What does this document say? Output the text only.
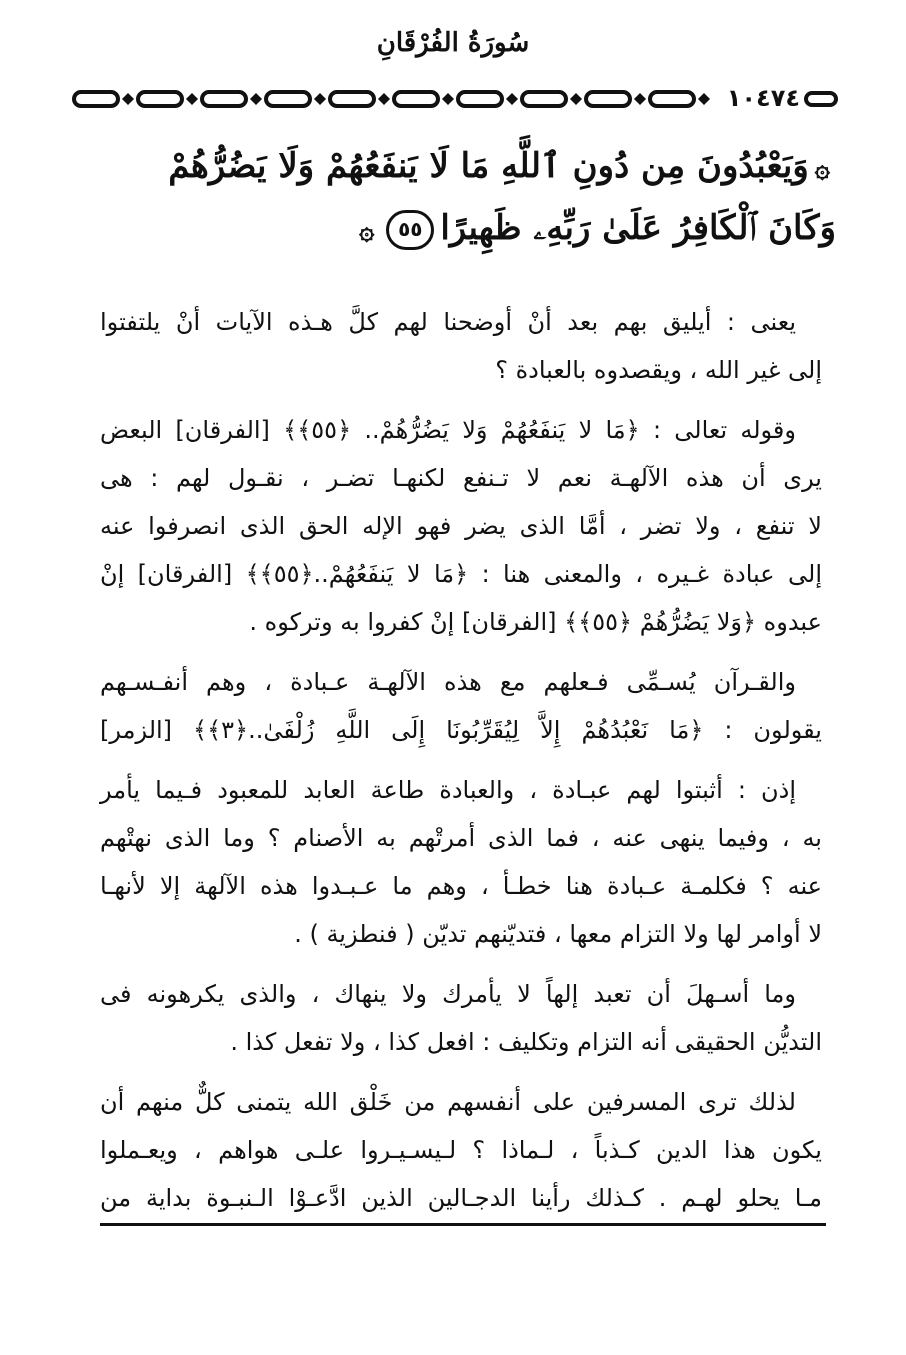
سُورَةُ الفُرْقَانِ
١٠٤٧٤
۞وَيَعْبُدُونَ مِن دُونِ ٱللَّهِ مَا لَا يَنفَعُهُمْ وَلَا يَضُرُّهُمْ
وَكَانَ ٱلْكَافِرُ عَلَىٰ رَبِّهِۦ ظَهِيرًا٥٥۞
يعنى : أيليق بهم بعد أنْ أوضحنا لهم كلَّ هـذه الآيات أنْ يلتفتوا
إلى غير الله ، ويقصدوه بالعبادة ؟
وقوله تعالى : ﴿مَا لا يَنفَعُهُمْ وَلا يَضُرُّهُمْ.. ﴿٥٥﴾﴾ [الفرقان] البعض
يرى أن هذه الآلهـة نعم لا تـنفع لكنهـا تضـر ، نقـول لهم : هى
لا تنفع ، ولا تضر ، أمَّا الذى يضر فهو الإله الحق الذى انصرفوا عنه
إلى عبادة غـيره ، والمعنى هنا : ﴿مَا لا يَنفَعُهُمْ..﴿٥٥﴾﴾ [الفرقان] إنْ
عبدوه ﴿وَلا يَضُرُّهُمْ ﴿٥٥﴾﴾ [الفرقان] إنْ كفروا به وتركوه .
والقـرآن يُسـمِّى فـعلهم مع هذه الآلهـة عـبادة ، وهم أنفـسـهم
يقولون : ﴿مَا نَعْبُدُهُمْ إِلاَّ لِيُقَرِّبُونَا إِلَى اللَّهِ زُلْفَىٰ..﴿٣﴾﴾ [الزمر]
إذن : أثبتوا لهم عبـادة ، والعبادة طاعة العابد للمعبود فـيما يأمر
به ، وفيما ينهى عنه ، فما الذى أمرتْهم به الأصنام ؟ وما الذى نهتْهم
عنه ؟ فكلمـة عـبادة هنا خطـأ ، وهم ما عـبـدوا هذه الآلهة إلا لأنهـا
لا أوامر لها ولا التزام معها ، فتديّنهم تديّن ( فنطزية ) .
وما أسـهلَ أن تعبد إلهاً لا يأمرك ولا ينهاك ، والذى يكرهونه فى
التديُّن الحقيقى أنه التزام وتكليف : افعل كذا ، ولا تفعل كذا .
لذلك ترى المسرفين على أنفسهم من خَلْق الله يتمنى كلٌّ منهم أن
يكون هذا الدين كـذباً ، لـماذا ؟ لـيسـيـروا علـى هواهم ، ويعـملوا
مـا يحلو لهـم . كـذلك رأينا الدجـالين الذين ادَّعـوْا الـنبـوة بداية من
